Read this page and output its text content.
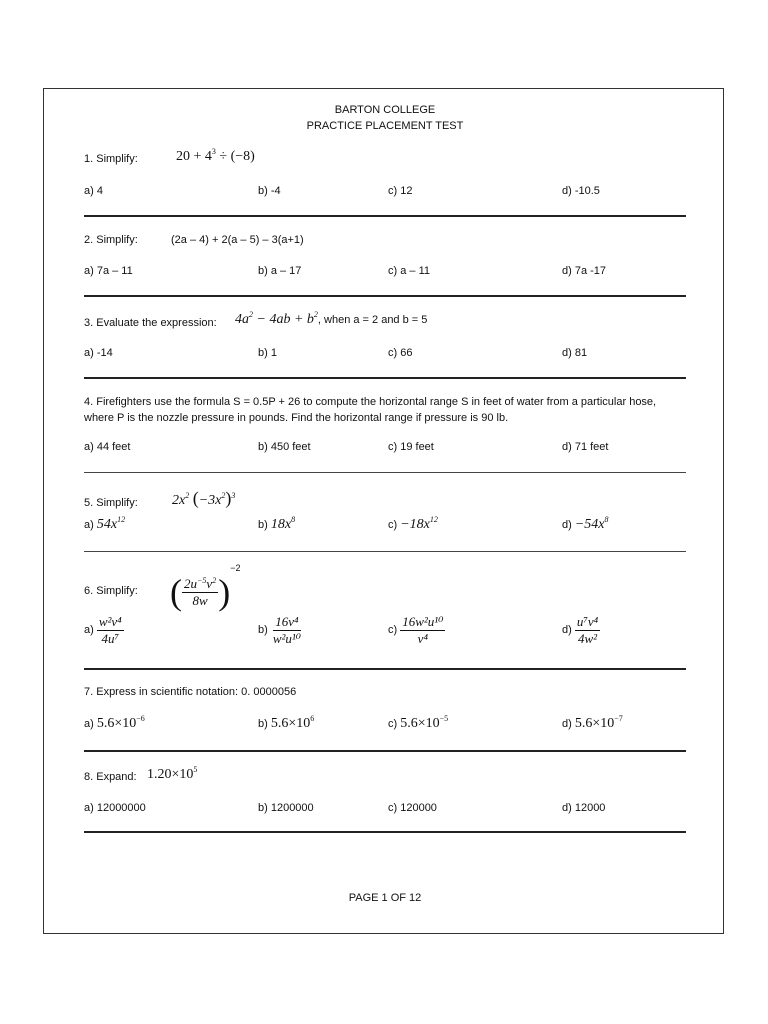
BARTON COLLEGE
PRACTICE PLACEMENT TEST
1. Simplify:	$20 + 4^3 \div (-8)$
a) 4	b) -4	c) 12	d) -10.5
2. Simplify:	(2a – 4) + 2(a – 5) – 3(a+1)
a) 7a – 11	b) a – 17	c) a – 11	d) 7a -17
3. Evaluate the expression: $4a^2 - 4ab + b^2$, when a = 2 and b = 5
a) -14	b) 1	c) 66	d) 81
4. Firefighters use the formula S = 0.5P + 26 to compute the horizontal range S in feet of water from a particular hose, where P is the nozzle pressure in pounds. Find the horizontal range if pressure is 90 lb.
a) 44 feet	b) 450 feet	c) 19 feet	d) 71 feet
5. Simplify: $2x^2$ $(-3x^2)^3$
a) $54x^{12}$	b) $18x^8$	$c) -18x^{12}$	$d) -54x^8$
6. Simplify: ( $\frac{2u^{-5}v^2}{8w} )^{-2}$
$a) \frac{\text{w²v⁴}}{\text{4u⁷}}$	$b) \frac{\text{16v⁴}}{\text{w²u¹⁰}}$	$c) \frac{\text{16w²u¹⁰}}{\text{v⁴}}$	$d) \frac{\text{u⁷v⁴}}{\text{4w²}}$
7. Express in scientific notation: 0. 0000056
a) $5.6\times 10^{-6}$	b) $5.6\times 10^6$	c) $5.6\times 10^{-5}$	d) $5.6\times 10^{-7}$
8. Expand: $1.20\times 10^5$
a) 12000000	b) 1200000	c) 120000	d) 12000
PAGE 1 OF 12
